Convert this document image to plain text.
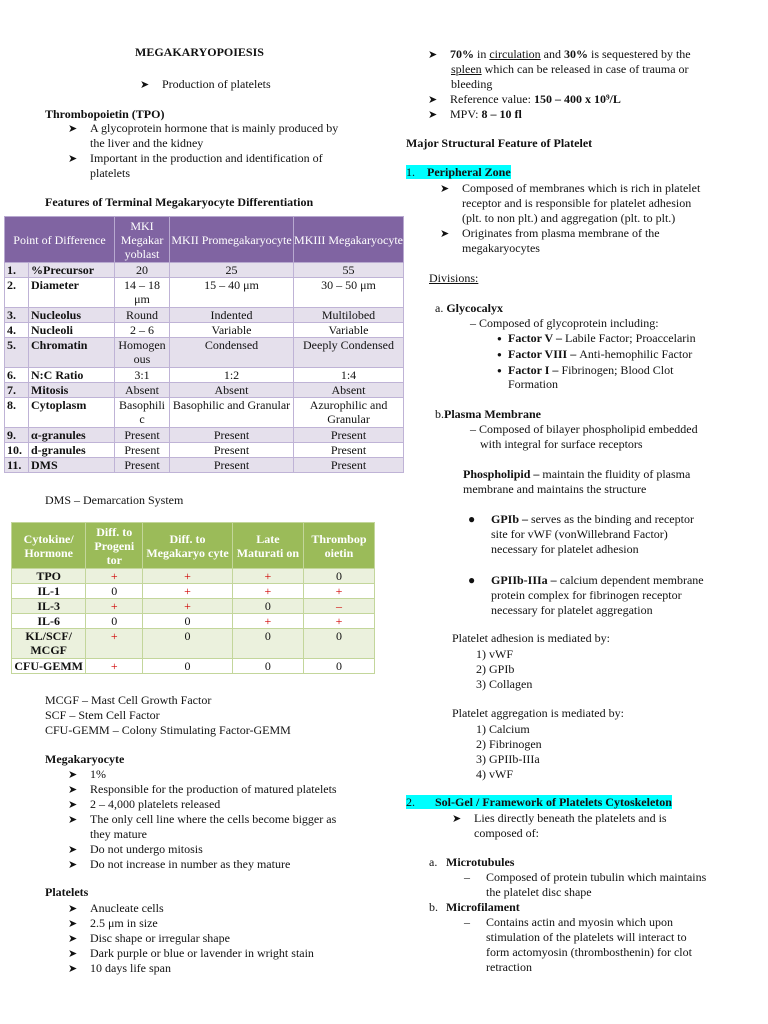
MEGAKARYOPOIESIS
➤ Production of platelets
Thrombopoietin (TPO)
➤ A glycoprotein hormone that is mainly produced by
the liver and the kidney
➤ Important in the production and identification of
platelets
Features of Terminal Megakaryocyte Differentiation
Point of Difference		MKI Megakar yoblast	MKII Promegakaryocyte	MKIII Megakaryocyte
1.	%Precursor	20	25	55
2.	Diameter	14 – 18 μm	15 – 40 μm	30 – 50 μm
3.	Nucleolus	Round	Indented	Multilobed
4.	Nucleoli	2 – 6	Variable	Variable
5.	Chromatin	Homogen ous	Condensed	Deeply Condensed
6.	N:C Ratio	3:1	1:2	1:4
7.	Mitosis	Absent	Absent	Absent
8.	Cytoplasm	Basophili c	Basophilic and Granular	Azurophilic and Granular
9.	α-granules	Present	Present	Present
10.	d-granules	Present	Present	Present
11.	DMS	Present	Present	Present
DMS – Demarcation System
Cytokine/ Hormone	Diff. to Progeni tor	Diff. to Megakaryo cyte	Late Maturati on	Thrombop oietin
TPO	+	+	+	0
IL-1	0	+	+	+
IL-3	+	+	0	–
IL-6	0	0	+	+
KL/SCF/ MCGF	+	0	0	0
CFU-GEMM	+	0	0	0
MCGF – Mast Cell Growth Factor
SCF – Stem Cell Factor
CFU-GEMM – Colony Stimulating Factor-GEMM
Megakaryocyte
➤ 1%
➤ Responsible for the production of matured platelets
➤ 2 – 4,000 platelets released
➤ The only cell line where the cells become bigger as
they mature
➤ Do not undergo mitosis
➤ Do not increase in number as they mature
Platelets
➤ Anucleate cells
➤ 2.5 μm in size
➤ Disc shape or irregular shape
➤ Dark purple or blue or lavender in wright stain
➤ 10 days life span
➤ 70% in circulation and 30% is sequestered by the
spleen which can be released in case of trauma or
bleeding
➤ Reference value: 150 – 400 x 10⁹/L
➤ MPV: 8 – 10 fl
Major Structural Feature of Platelet
1. Peripheral Zone
➤ Composed of membranes which is rich in platelet
receptor and is responsible for platelet adhesion
(plt. to non plt.) and aggregation (plt. to plt.)
➤ Originates from plasma membrane of the
megakaryocytes
Divisions:
a. Glycocalyx
– Composed of glycoprotein including:
● Factor V – Labile Factor; Proaccelarin
● Factor VIII – Anti-hemophilic Factor
● Factor I – Fibrinogen; Blood Clot
Formation
b.Plasma Membrane
– Composed of bilayer phospholipid embedded
with integral for surface receptors
Phospholipid – maintain the fluidity of plasma
membrane and maintains the structure
● GPIb – serves as the binding and receptor
site for vWF (vonWillebrand Factor)
necessary for platelet adhesion
● GPIIb-IIIa – calcium dependent membrane
protein complex for fibrinogen receptor
necessary for platelet aggregation
Platelet adhesion is mediated by:
1) vWF
2) GPIb
3) Collagen
Platelet aggregation is mediated by:
1) Calcium
2) Fibrinogen
3) GPIIb-IIIa
4) vWF
2. Sol-Gel / Framework of Platelets Cytoskeleton
➤ Lies directly beneath the platelets and is
composed of:
a. Microtubules
– Composed of protein tubulin which maintains
the platelet disc shape
b. Microfilament
– Contains actin and myosin which upon
stimulation of the platelets will interact to
form actomyosin (thrombosthenin) for clot
retraction
